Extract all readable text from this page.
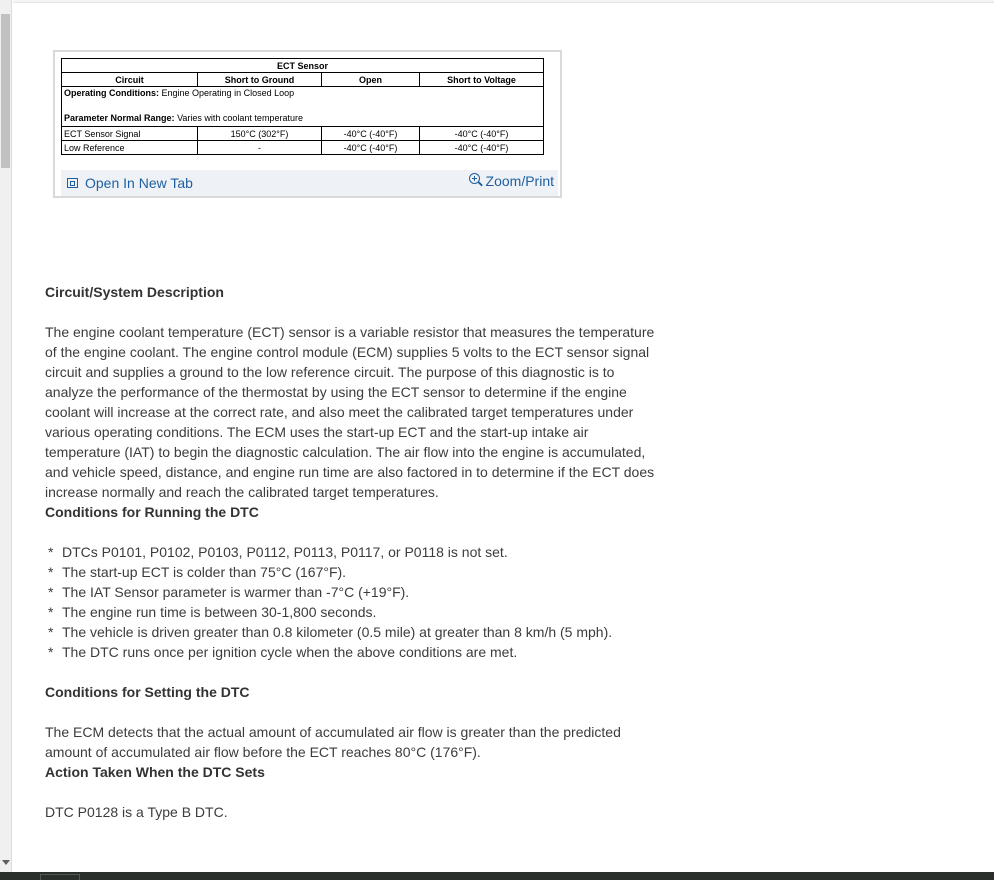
ECT Sensor			
Circuit	Short to Ground	Open	Short to Voltage
Operating Conditions: Engine Operating in Closed Loop
Parameter Normal Range: Varies with coolant temperature			

ECT Sensor Signal	150°C (302°F)	-40°C (-40°F)	-40°C (-40°F)
Low Reference	-	-40°C (-40°F)	-40°C (-40°F)
Open In New Tab	Zoom/Print
Circuit/System Description

The engine coolant temperature (ECT) sensor is a variable resistor that measures the temperature of the engine coolant. The engine control module (ECM) supplies 5 volts to the ECT sensor signal circuit and supplies a ground to the low reference circuit. The purpose of this diagnostic is to analyze the performance of the thermostat by using the ECT sensor to determine if the engine coolant will increase at the correct rate, and also meet the calibrated target temperatures under various operating conditions. The ECM uses the start-up ECT and the start-up intake air temperature (IAT) to begin the diagnostic calculation. The air flow into the engine is accumulated, and vehicle speed, distance, and engine run time are also factored in to determine if the ECT does increase normally and reach the calibrated target temperatures.

Conditions for Running the DTC
* DTCs P0101, P0102, P0103, P0112, P0113, P0117, or P0118 is not set.
* The start-up ECT is colder than 75°C (167°F).
* The IAT Sensor parameter is warmer than -7°C (+19°F).
* The engine run time is between 30-1,800 seconds.
* The vehicle is driven greater than 0.8 kilometer (0.5 mile) at greater than 8 km/h (5 mph).
* The DTC runs once per ignition cycle when the above conditions are met.
Conditions for Setting the DTC

The ECM detects that the actual amount of accumulated air flow is greater than the predicted amount of accumulated air flow before the ECT reaches 80°C (176°F).

Action Taken When the DTC Sets

DTC P0128 is a Type B DTC.
